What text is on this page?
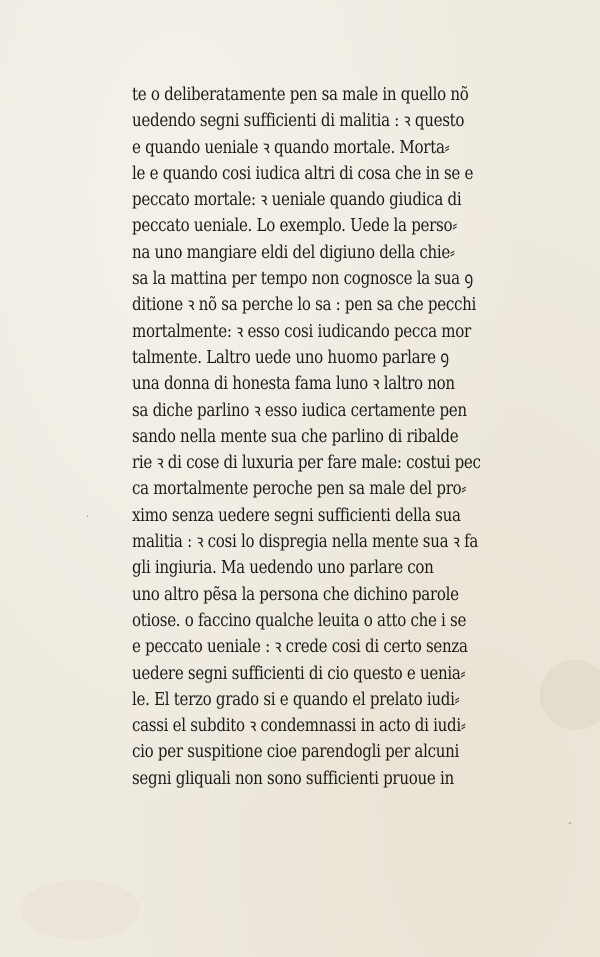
te o deliberatamente pen sa male in quello nõ
uedendo segni sufficienti di malitia : ꝛ questo
e quando ueniale ꝛ quando mortale. Morta⸗
le e quando cosi iudica altri di cosa che in se e
peccato mortale: ꝛ ueniale quando giudica di
peccato ueniale. Lo exemplo. Uede la perso⸗
na uno mangiare eldi del digiuno della chie⸗
sa la mattina per tempo non cognosce la sua ꝯ
ditione ꝛ nõ sa perche lo sa : pen sa che pecchi
mortalmente: ꝛ esso cosi iudicando pecca mor
talmente. Laltro uede uno huomo parlare ꝯ
una donna di honesta fama luno ꝛ laltro non
sa diche parlino ꝛ esso iudica certamente pen
sando nella mente sua che parlino di ribalde
rie ꝛ di cose di luxuria per fare male: costui pec
ca mortalmente peroche pen sa male del pro⸗
ximo senza uedere segni sufficienti della sua
malitia : ꝛ cosi lo dispregia nella mente sua ꝛ fa
gli ingiuria. Ma uedendo uno parlare con
uno altro pẽsa la persona che dichino parole
otiose. o faccino qualche leuita o atto che i se
e peccato ueniale : ꝛ crede cosi di certo senza
uedere segni sufficienti di cio questo e uenia⸗
le. El terzo grado si e quando el prelato iudi⸗
cassi el subdito ꝛ condemnassi in acto di iudi⸗
cio per suspitione cioe parendogli per alcuni
segni gliquali non sono sufficienti pruoue in
·
-
